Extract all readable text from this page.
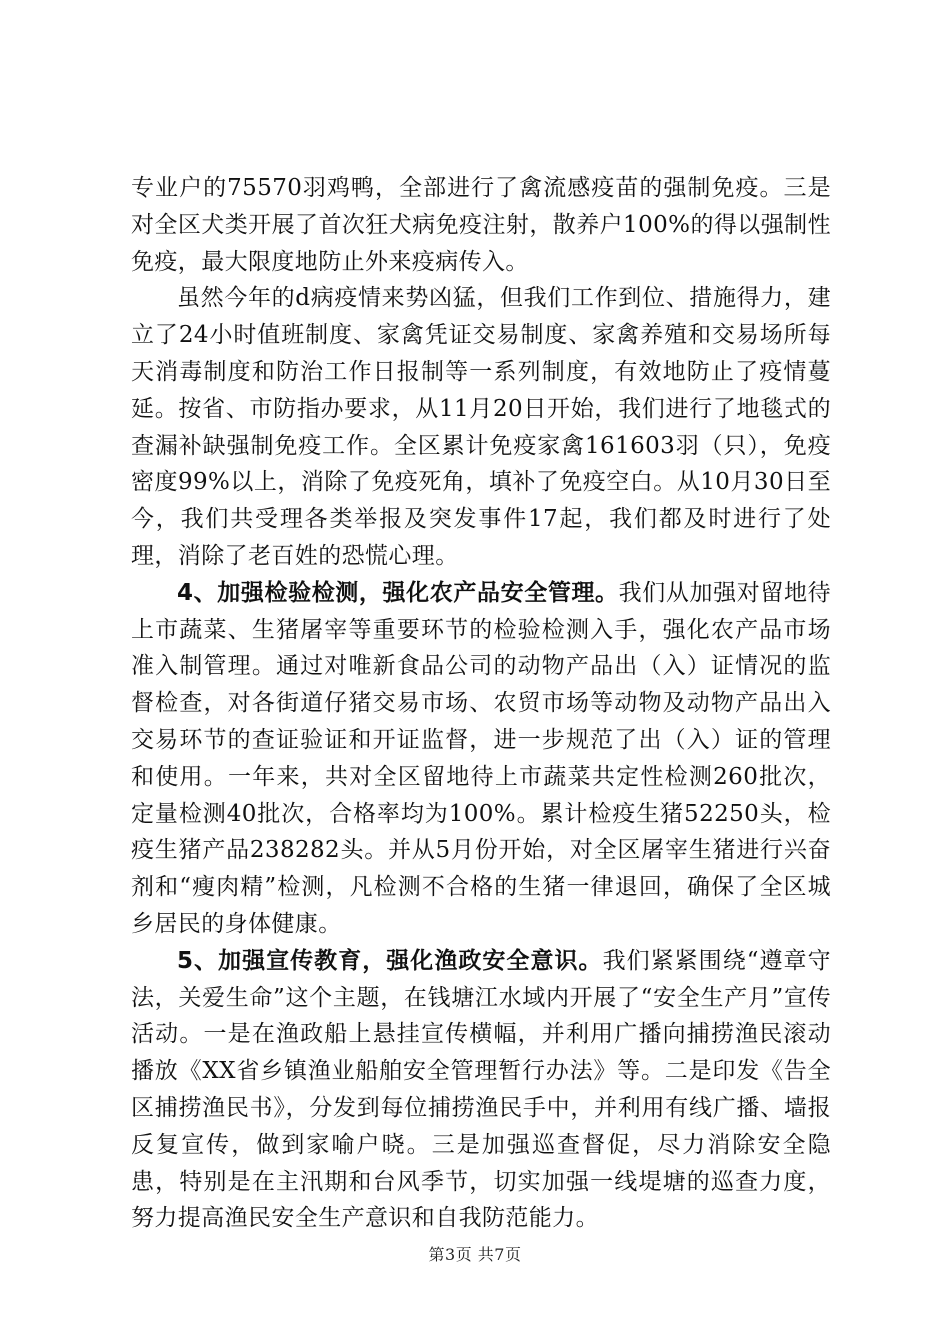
专业户的75570羽鸡鸭，全部进行了禽流感疫苗的强制免疫。三是对全区犬类开展了首次狂犬病免疫注射，散养户100%的得以强制性免疫，最大限度地防止外来疫病传入。

虽然今年的d病疫情来势凶猛，但我们工作到位、措施得力，建立了24小时值班制度、家禽凭证交易制度、家禽养殖和交易场所每天消毒制度和防治工作日报制等一系列制度，有效地防止了疫情蔓延。按省、市防指办要求，从11月20日开始，我们进行了地毯式的查漏补缺强制免疫工作。全区累计免疫家禽161603羽（只），免疫密度99%以上，消除了免疫死角，填补了免疫空白。从10月30日至今，我们共受理各类举报及突发事件17起，我们都及时进行了处理，消除了老百姓的恐慌心理。

4、加强检验检测，强化农产品安全管理。我们从加强对留地待上市蔬菜、生猪屠宰等重要环节的检验检测入手，强化农产品市场准入制管理。通过对唯新食品公司的动物产品出（入）证情况的监督检查，对各街道仔猪交易市场、农贸市场等动物及动物产品出入交易环节的查证验证和开证监督，进一步规范了出（入）证的管理和使用。一年来，共对全区留地待上市蔬菜共定性检测260批次，定量检测40批次，合格率均为100%。累计检疫生猪52250头，检疫生猪产品238282头。并从5月份开始，对全区屠宰生猪进行兴奋剂和“瘦肉精”检测，凡检测不合格的生猪一律退回，确保了全区城乡居民的身体健康。

5、加强宣传教育，强化渔政安全意识。我们紧紧围绕“遵章守法，关爱生命”这个主题，在钱塘江水域内开展了“安全生产月”宣传活动。一是在渔政船上悬挂宣传横幅，并利用广播向捕捞渔民滚动播放《XX省乡镇渔业船舶安全管理暂行办法》等。二是印发《告全区捕捞渔民书》，分发到每位捕捞渔民手中，并利用有线广播、墙报反复宣传，做到家喻户晓。三是加强巡查督促，尽力消除安全隐患，特别是在主汛期和台风季节，切实加强一线堤塘的巡查力度，努力提高渔民安全生产意识和自我防范能力。

第3页 共7页
